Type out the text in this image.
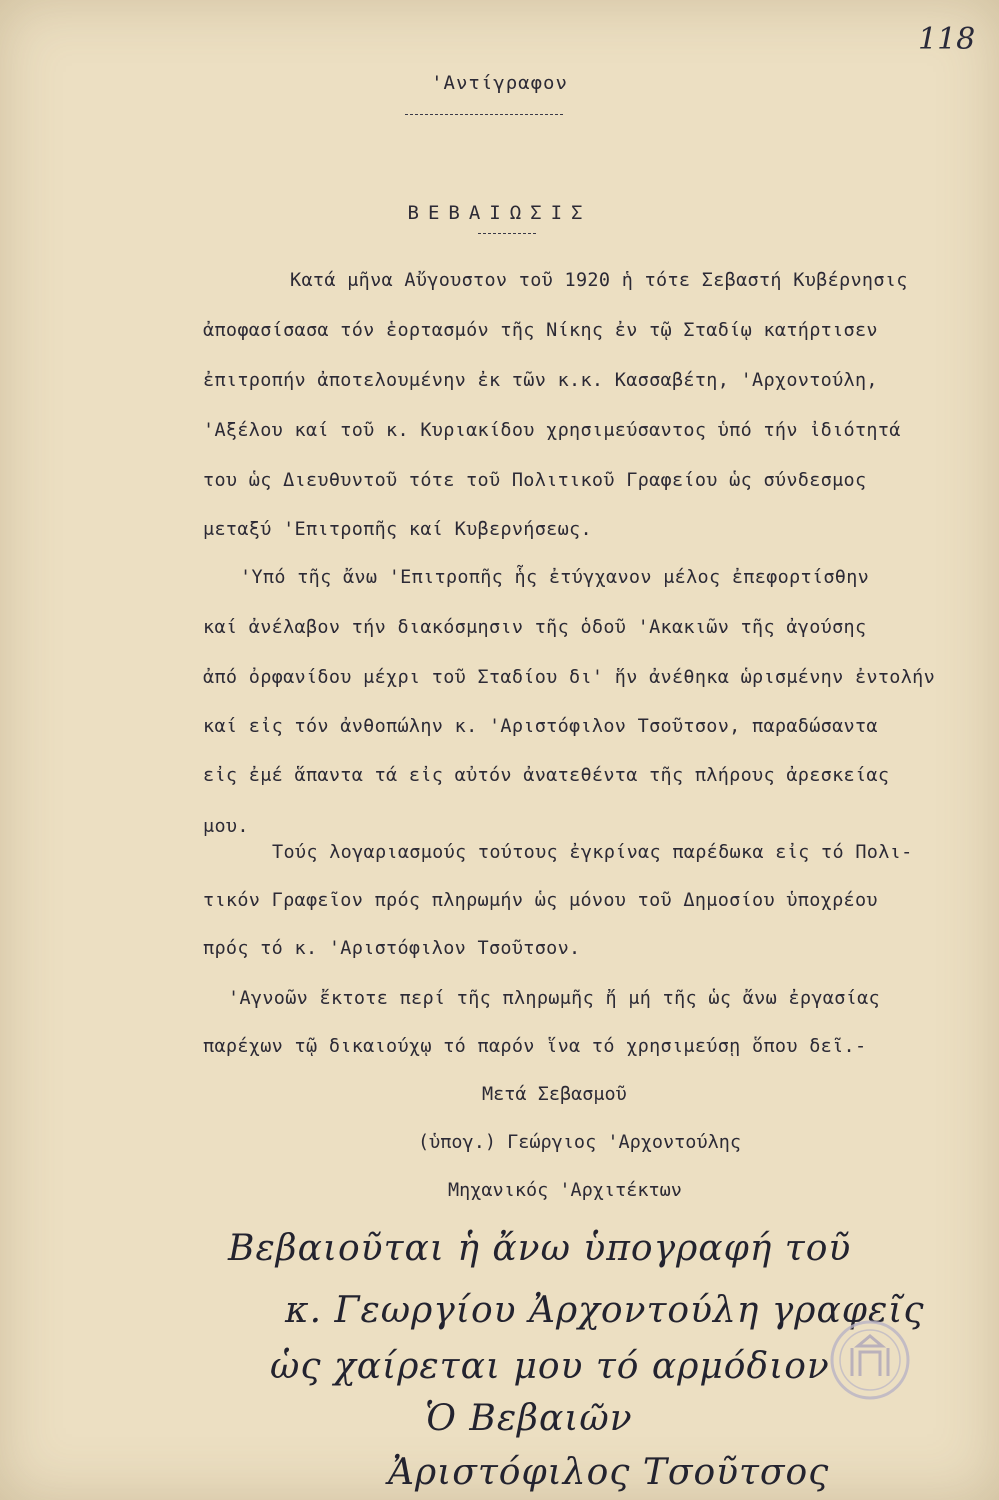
118
'Αντίγραφον
ΒΕΒΑΙΩΣΙΣ
Κατά μῆνα Αὔγουστον τοῦ 1920 ἡ τότε Σεβαστή Κυβέρνησις
ἀποφασίσασα τόν ἑορτασμόν τῆς Νίκης ἐν τῷ Σταδίῳ κατήρτισεν
ἐπιτροπήν ἀποτελουμένην ἐκ τῶν κ.κ. Κασσαβέτη, 'Αρχοντούλη,
'Αξέλου καί τοῦ κ. Κυριακίδου χρησιμεύσαντος ὑπό τήν ἰδιότητά
του ὡς Διευθυντοῦ τότε τοῦ Πολιτικοῦ Γραφείου ὡς σύνδεσμος
μεταξύ 'Επιτροπῆς καί Κυβερνήσεως.
'Υπό τῆς ἄνω 'Επιτροπῆς ἧς ἐτύγχανον μέλος ἐπεφορτίσθην
καί ἀνέλαβον τήν διακόσμησιν τῆς ὁδοῦ 'Ακακιῶν τῆς ἀγούσης
ἀπό ὀρφανίδου μέχρι τοῦ Σταδίου δι' ἥν ἀνέθηκα ὡρισμένην ἐντολήν
καί εἰς τόν ἀνθοπώλην κ. 'Αριστόφιλον Τσοῦτσον, παραδώσαντα
εἰς ἐμέ ἅπαντα τά εἰς αὐτόν ἀνατεθέντα τῆς πλήρους ἀρεσκείας
μου.
Τούς λογαριασμούς τούτους ἐγκρίνας παρέδωκα εἰς τό Πολι-
τικόν Γραφεῖον πρός πληρωμήν ὡς μόνου τοῦ Δημοσίου ὑποχρέου
πρός τό κ. 'Αριστόφιλον Τσοῦτσον.
'Αγνοῶν ἔκτοτε περί τῆς πληρωμῆς ἤ μή τῆς ὡς ἄνω ἐργασίας
παρέχων τῷ δικαιούχῳ τό παρόν ἵνα τό χρησιμεύσῃ ὅπου δεῖ.-
Μετά Σεβασμοῦ
(ὑπογ.) Γεώργιος 'Αρχοντούλης
Μηχανικός 'Αρχιτέκτων
Βεβαιοῦται ἡ ἄνω ὑπογραφή τοῦ
κ. Γεωργίου Ἀρχοντούλη γραφεῖς
ὡς χαίρεται μου τό αρμόδιον
Ὁ Βεβαιῶν
Ἀριστόφιλος Τσοῦτσος
